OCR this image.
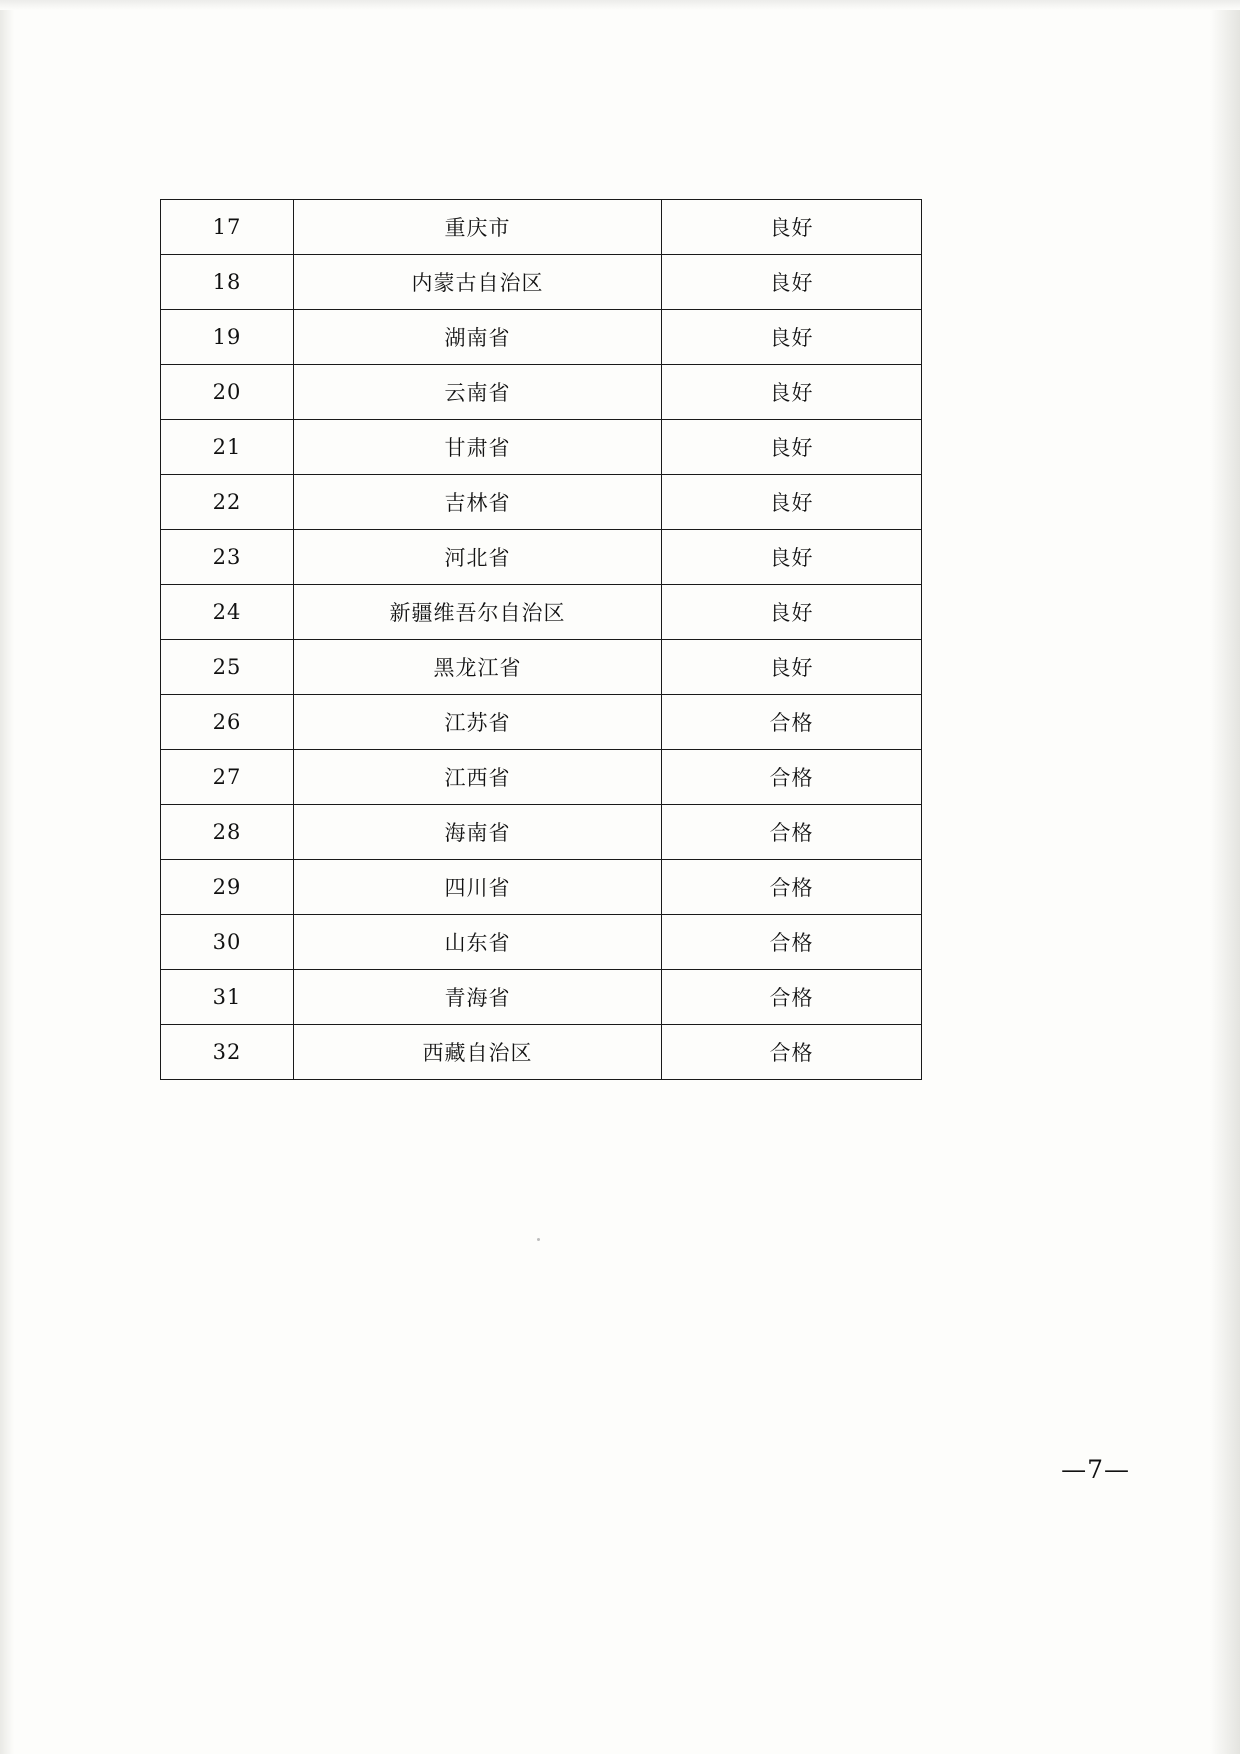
17	重庆市	良好
18	内蒙古自治区	良好
19	湖南省	良好
20	云南省	良好
21	甘肃省	良好
22	吉林省	良好
23	河北省	良好
24	新疆维吾尔自治区	良好
25	黑龙江省	良好
26	江苏省	合格
27	江西省	合格
28	海南省	合格
29	四川省	合格
30	山东省	合格
31	青海省	合格
32	西藏自治区	合格
—7—
